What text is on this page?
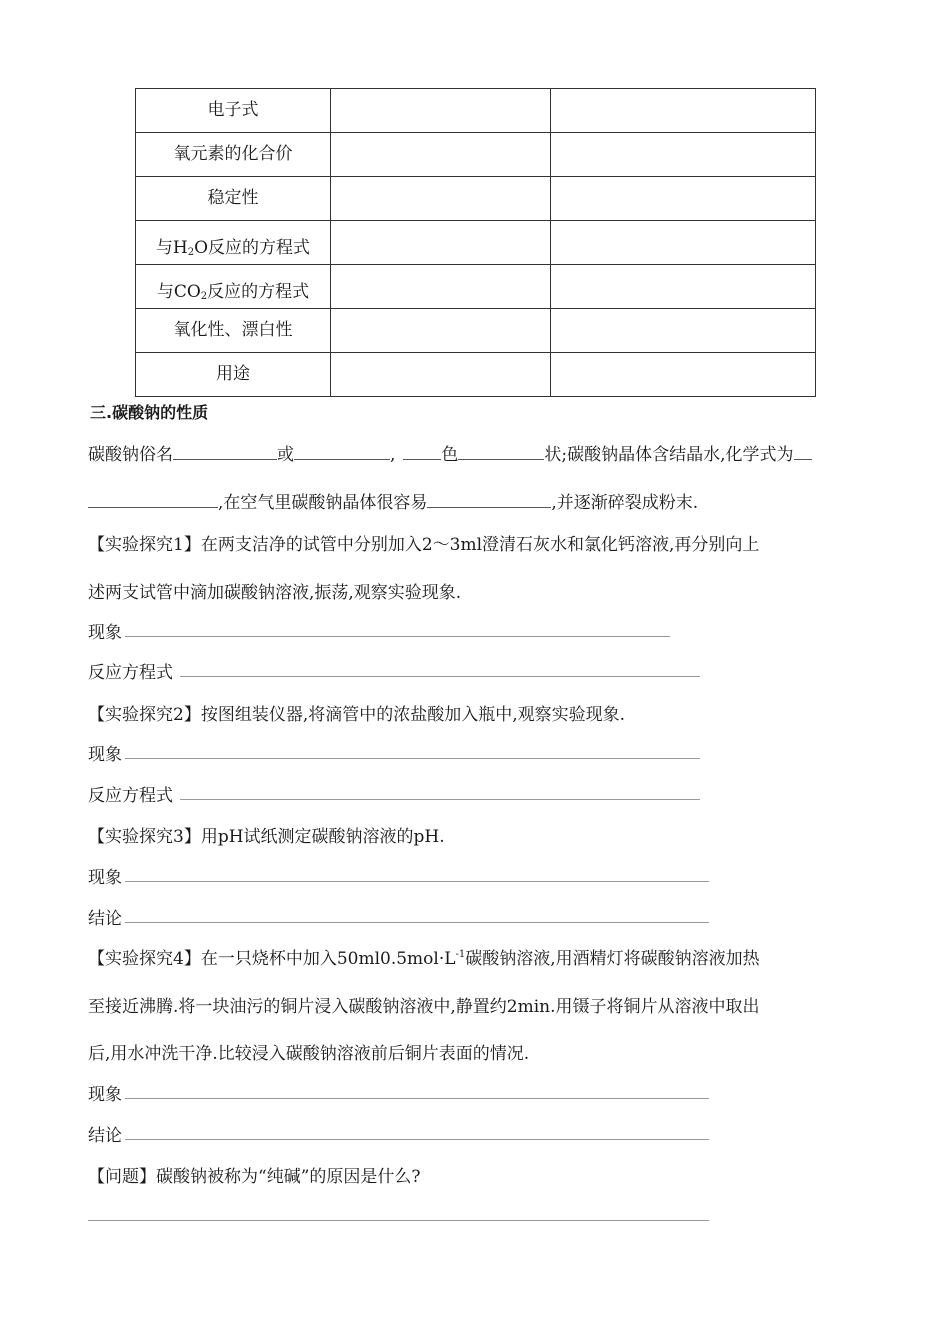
电子式		
氧元素的化合价		
稳定性		
与$H_2O$反应的方程式		
与$CO_2$反应的方程式		
氧化性、漂白性		
用途		
三.碳酸钠的性质
碳酸钠俗名	或	,	色	状;碳酸钠晶体含结晶水,化学式为
,在空气里碳酸钠晶体很容易	,并逐渐碎裂成粉末.
【实验探究1】在两支洁净的试管中分别加入2～3ml澄清石灰水和氯化钙溶液,再分别向上
述两支试管中滴加碳酸钠溶液,振荡,观察实验现象.
现象
反应方程式
【实验探究2】按图组装仪器,将滴管中的浓盐酸加入瓶中,观察实验现象.
现象
反应方程式
【实验探究3】用pH试纸测定碳酸钠溶液的pH.
现象
结论
【实验探究4】在一只烧杯中加入$50ml0.5mol\cdot L^{-1}$碳酸钠溶液,用酒精灯将碳酸钠溶液加热
至接近沸腾.将一块油污的铜片浸入碳酸钠溶液中,静置约2min.用镊子将铜片从溶液中取出
后,用水冲洗干净.比较浸入碳酸钠溶液前后铜片表面的情况.
现象
结论
【问题】碳酸钠被称为“纯碱”的原因是什么?
